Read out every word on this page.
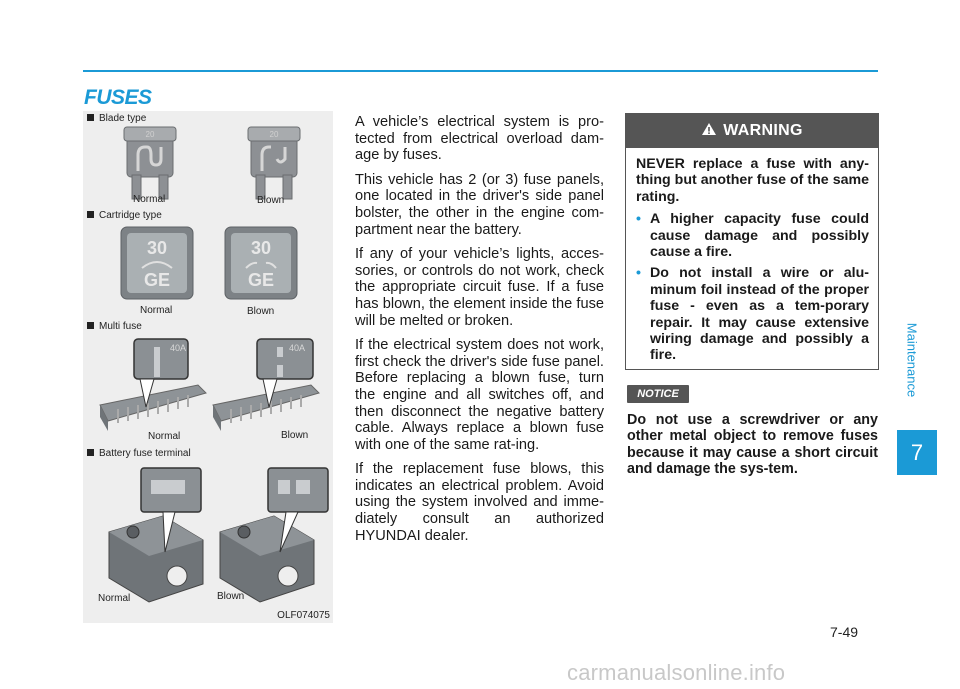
FUSES
Blade type
20
Normal
20
Blown
Cartridge type
30
GE
Normal
30
GE
Blown
Multi fuse
40A
Normal
40A
Blown
Battery fuse terminal
Normal	Blown
OLF074075

A vehicle’s electrical system is pro-tected from electrical overload dam-age by fuses.

This vehicle has 2 (or 3) fuse panels, one located in the driver's side panel bolster, the other in the engine com-partment near the battery.

If any of your vehicle’s lights, acces-sories, or controls do not work, check the appropriate circuit fuse. If a fuse has blown, the element inside the fuse will be melted or broken.

If the electrical system does not work, first check the driver's side fuse panel. Before replacing a blown fuse, turn the engine and all switches off, and then disconnect the negative battery cable. Always replace a blown fuse with one of the same rat-ing.

If the replacement fuse blows, this indicates an electrical problem. Avoid using the system involved and imme-diately consult an authorized HYUNDAI dealer.

WARNING

NEVER replace a fuse with any-thing but another fuse of the same rating.

• A higher capacity fuse could cause damage and possibly cause a fire.
• Do not install a wire or alu-minum foil instead of the proper fuse - even as a tem-porary repair. It may cause extensive wiring damage and possibly a fire.
NOTICE
Do not use a screwdriver or any other metal object to remove fuses because it may cause a short circuit and damage the sys-tem.
Maintenance
7
7-49
carmanualsonline.info
